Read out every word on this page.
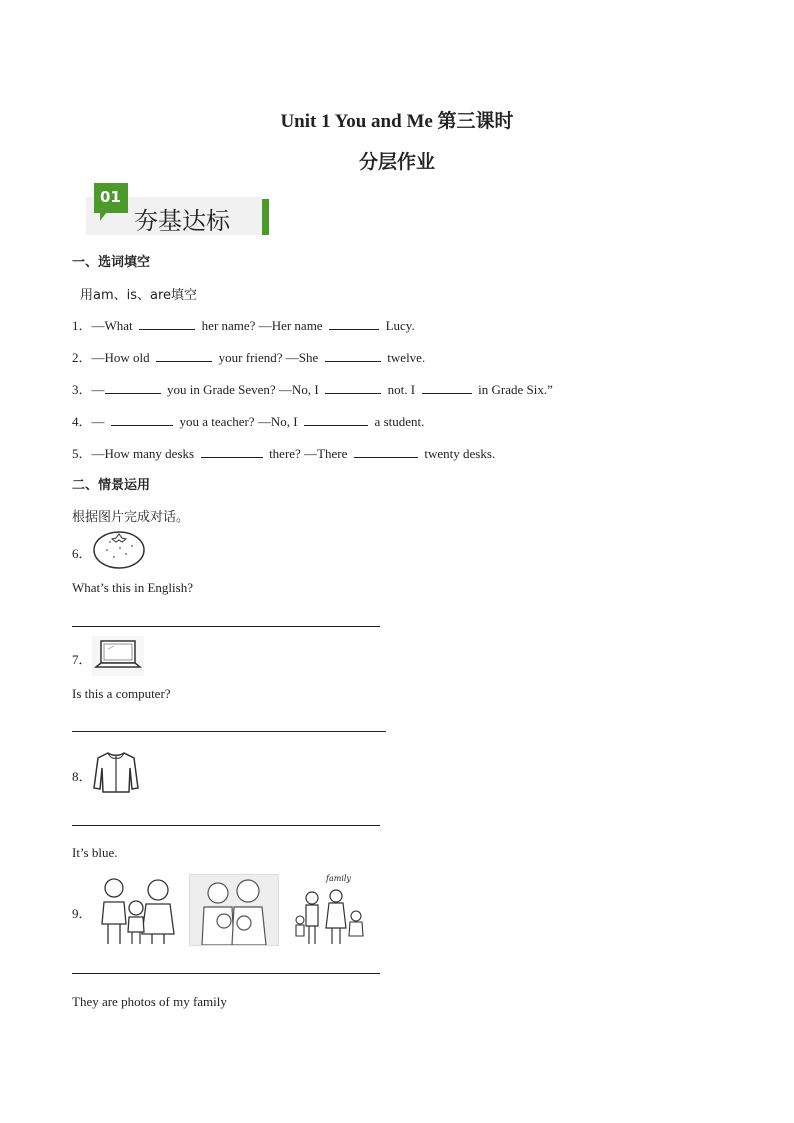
Unit 1 You and Me 第三课时
分层作业
01
夯基达标
一、选词填空
用am、is、are填空
1．—What	her name? —Her name	Lucy.
2．—How old	your friend? —She	twelve.
3．—	you in Grade Seven? —No, I	not. I	in Grade Six.”
4．—	you a teacher? —No, I	a student.
5．—How many desks	there? —There	twenty desks.
二、情景运用
根据图片完成对话。
6．
What’s this in English?
7．
Is this a computer?
8．
It’s blue.
9．
family
They are photos of my family
